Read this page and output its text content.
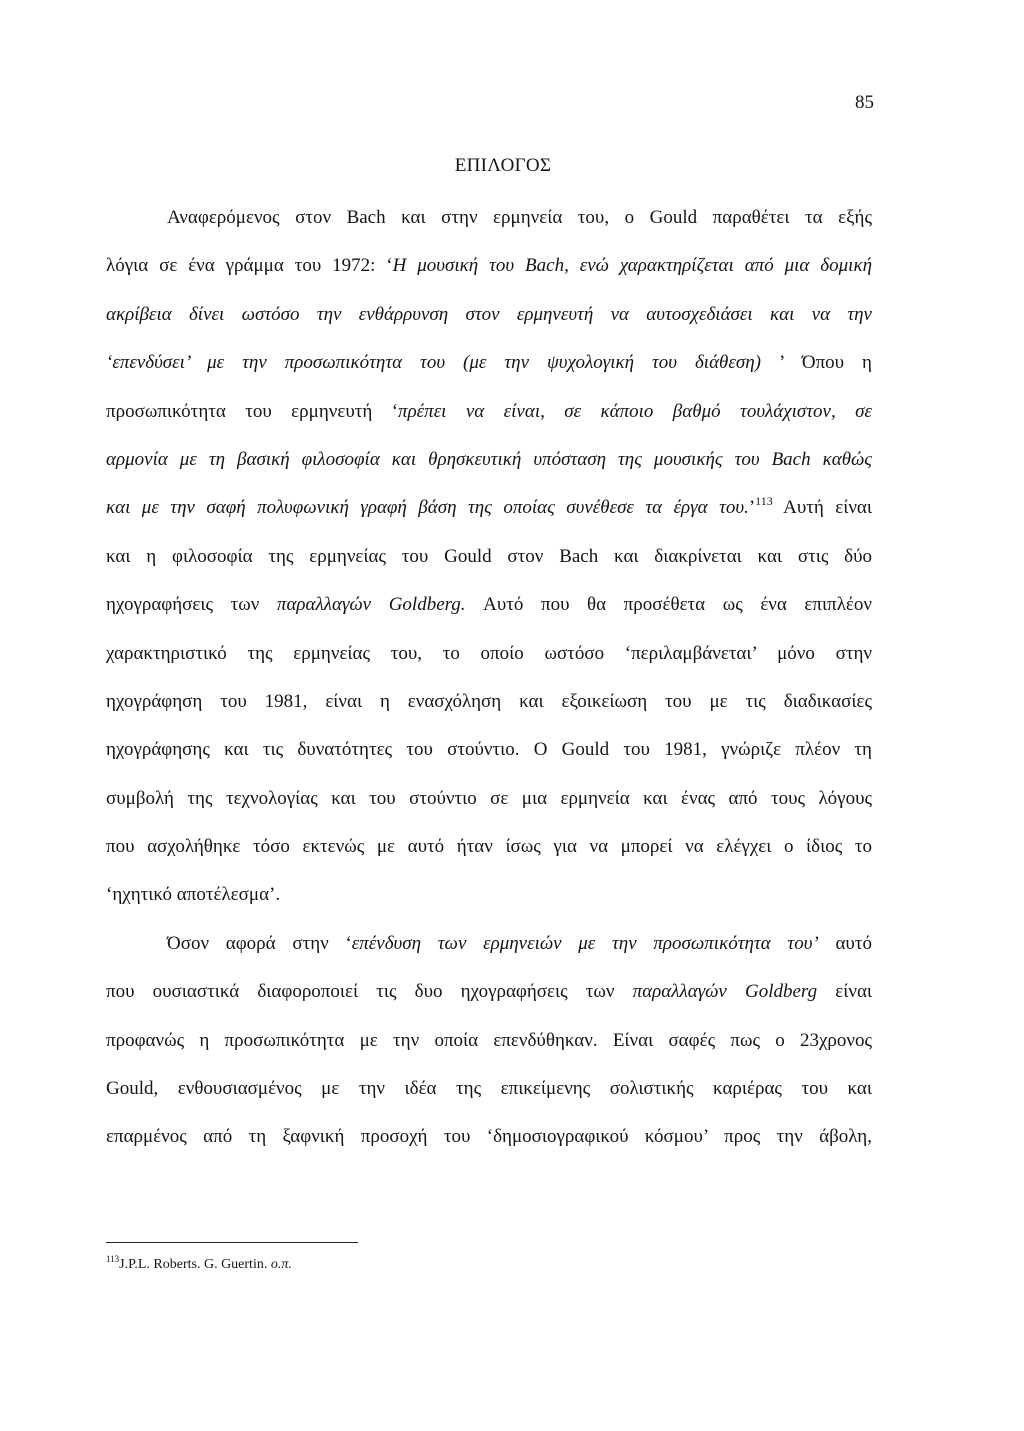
85
ΕΠΙΛΟΓΟΣ
Αναφερόμενος στον Bach και στην ερμηνεία του, ο Gould παραθέτει τα εξής
λόγια σε ένα γράμμα του 1972: ‘Η μουσική του Bach, ενώ χαρακτηρίζεται από μια δομική
ακρίβεια δίνει ωστόσο την ενθάρρυνση στον ερμηνευτή να αυτοσχεδιάσει και να την
‘επενδύσει’ με την προσωπικότητα του (με την ψυχολογική του διάθεση) ’ Όπου η
προσωπικότητα του ερμηνευτή ‘πρέπει να είναι, σε κάποιο βαθμό τουλάχιστον, σε
αρμονία με τη βασική φιλοσοφία και θρησκευτική υπόσταση της μουσικής του Bach καθώς
και με την σαφή πολυφωνική γραφή βάση της οποίας συνέθεσε τα έργα του.’$^{113}$ Αυτή είναι
και η φιλοσοφία της ερμηνείας του Gould στον Bach και διακρίνεται και στις δύο
ηχογραφήσεις των παραλλαγών Goldberg. Αυτό που θα προσέθετα ως ένα επιπλέον
χαρακτηριστικό της ερμηνείας του, το οποίο ωστόσο ‘περιλαμβάνεται’ μόνο στην
ηχογράφηση του 1981, είναι η ενασχόληση και εξοικείωση του με τις διαδικασίες
ηχογράφησης και τις δυνατότητες του στούντιο. Ο Gould του 1981, γνώριζε πλέον τη
συμβολή της τεχνολογίας και του στούντιο σε μια ερμηνεία και ένας από τους λόγους
που ασχολήθηκε τόσο εκτενώς με αυτό ήταν ίσως για να μπορεί να ελέγχει ο ίδιος το
‘ηχητικό αποτέλεσμα’.
Όσον αφορά στην ‘επένδυση των ερμηνειών με την προσωπικότητα του’ αυτό
που ουσιαστικά διαφοροποιεί τις δυο ηχογραφήσεις των παραλλαγών Goldberg είναι
προφανώς η προσωπικότητα με την οποία επενδύθηκαν. Είναι σαφές πως ο 23χρονος
Gould, ενθουσιασμένος με την ιδέα της επικείμενης σολιστικής καριέρας του και
επαρμένος από τη ξαφνική προσοχή του ‘δημοσιογραφικού κόσμου’ προς την άβολη,
$^{113}$J.P.L. Roberts. G. Guertin. ο.π.
